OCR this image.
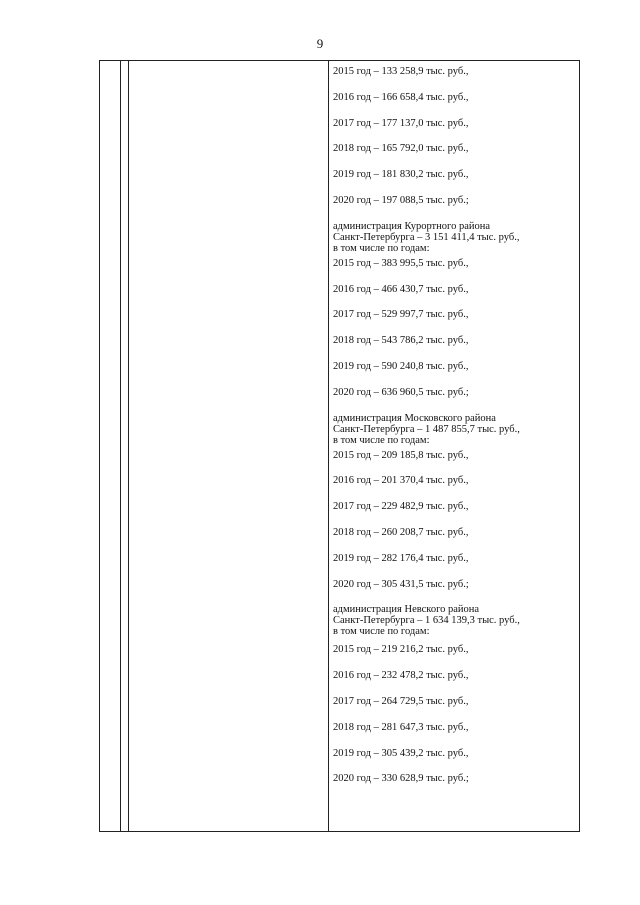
9
2015 год – 133 258,9 тыс. руб.,
2016 год – 166 658,4 тыс. руб.,
2017 год – 177 137,0 тыс. руб.,
2018 год – 165 792,0 тыс. руб.,
2019 год – 181 830,2 тыс. руб.,
2020 год – 197 088,5 тыс. руб.;
администрация Курортного района
Санкт-Петербурга – 3 151 411,4 тыс. руб.,
в том числе по годам:
2015 год – 383 995,5 тыс. руб.,
2016 год – 466 430,7 тыс. руб.,
2017 год – 529 997,7 тыс. руб.,
2018 год – 543 786,2 тыс. руб.,
2019 год – 590 240,8 тыс. руб.,
2020 год – 636 960,5 тыс. руб.;
администрация Московского района
Санкт-Петербурга – 1 487 855,7 тыс. руб.,
в том числе по годам:
2015 год – 209 185,8 тыс. руб.,
2016 год – 201 370,4 тыс. руб.,
2017 год – 229 482,9 тыс. руб.,
2018 год – 260 208,7 тыс. руб.,
2019 год – 282 176,4 тыс. руб.,
2020 год – 305 431,5 тыс. руб.;
администрация Невского района
Санкт-Петербурга – 1 634 139,3 тыс. руб.,
в том числе по годам:
2015 год – 219 216,2 тыс. руб.,
2016 год – 232 478,2 тыс. руб.,
2017 год – 264 729,5 тыс. руб.,
2018 год – 281 647,3 тыс. руб.,
2019 год – 305 439,2 тыс. руб.,
2020 год – 330 628,9 тыс. руб.;
